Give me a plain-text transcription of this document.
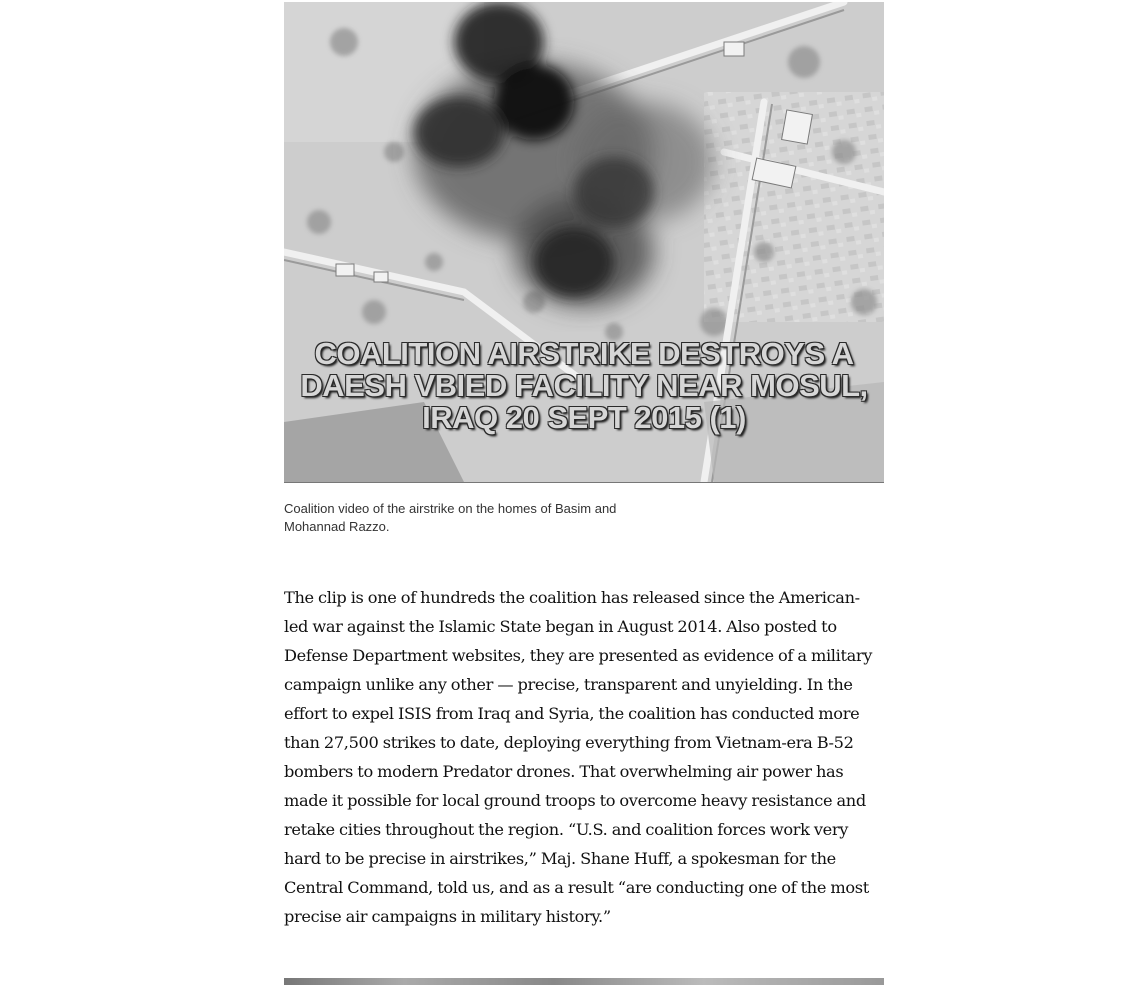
COALITION AIRSTRIKE DESTROYS A
DAESH VBIED FACILITY NEAR MOSUL,
IRAQ 20 SEPT 2015 (1)
Coalition video of the airstrike on the homes of Basim and Mohannad Razzo.

The clip is one of hundreds the coalition has released since the American-led war against the Islamic State began in August 2014. Also posted to Defense Department websites, they are presented as evidence of a military campaign unlike any other — precise, transparent and unyielding. In the effort to expel ISIS from Iraq and Syria, the coalition has conducted more than 27,500 strikes to date, deploying everything from Vietnam-era B-52 bombers to modern Predator drones. That overwhelming air power has made it possible for local ground troops to overcome heavy resistance and retake cities throughout the region. “U.S. and coalition forces work very hard to be precise in airstrikes,” Maj. Shane Huff, a spokesman for the Central Command, told us, and as a result “are conducting one of the most precise air campaigns in military history.”
